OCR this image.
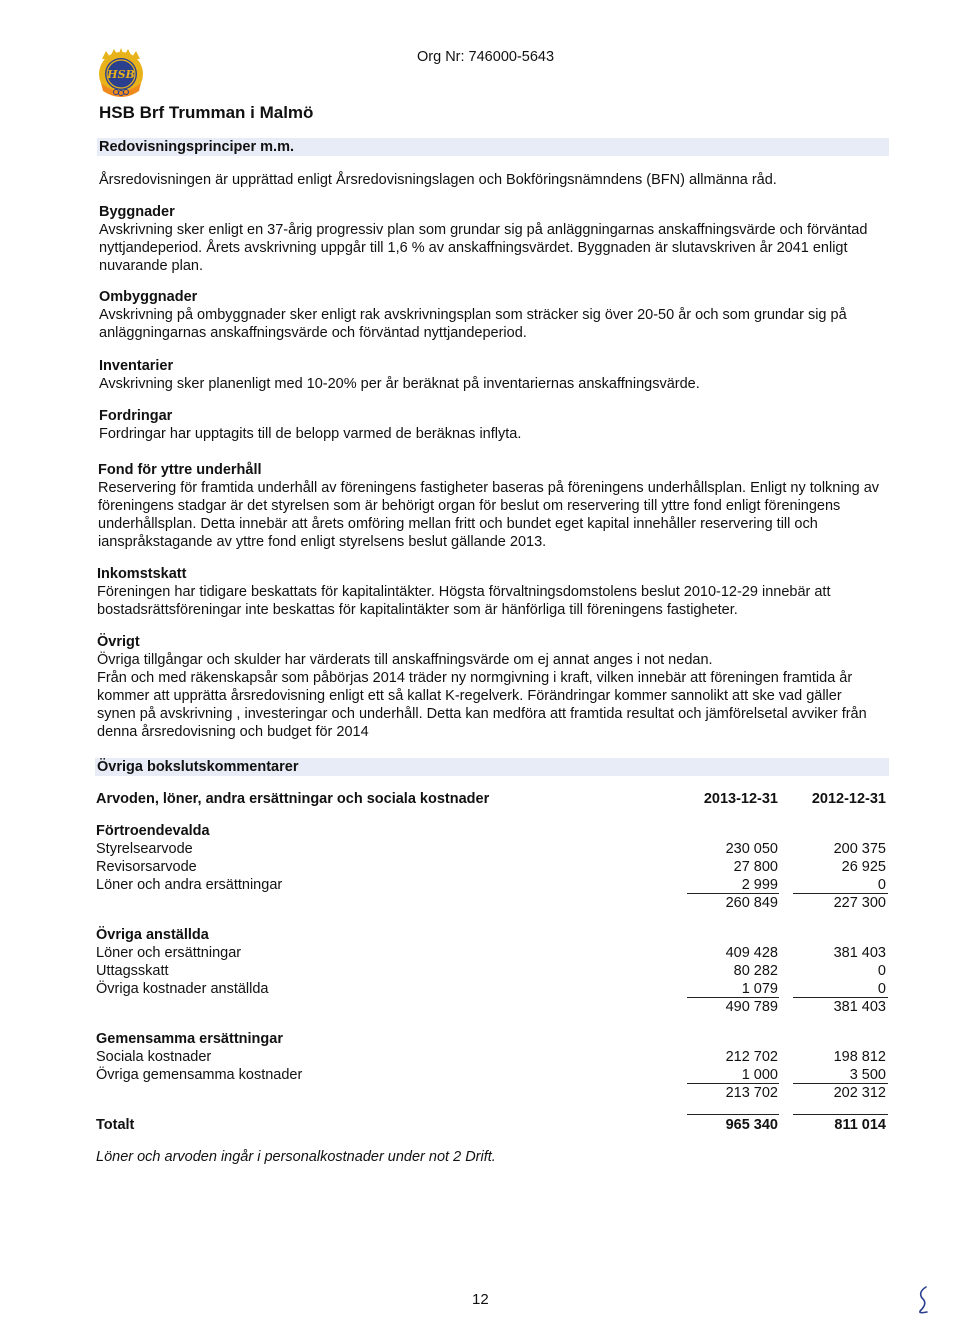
HSB
Org Nr: 746000-5643
HSB Brf Trumman i Malmö
Redovisningsprinciper m.m.
Årsredovisningen är upprättad enligt Årsredovisningslagen och Bokföringsnämndens (BFN) allmänna råd.
Byggnader
Avskrivning sker enligt en 37-årig progressiv plan som grundar sig på anläggningarnas anskaffningsvärde och förväntad
nyttjandeperiod. Årets avskrivning uppgår till 1,6 % av anskaffningsvärdet. Byggnaden är slutavskriven år 2041 enligt
nuvarande plan.
Ombyggnader
Avskrivning på ombyggnader sker enligt rak avskrivningsplan som sträcker sig över 20-50 år och som grundar sig på
anläggningarnas anskaffningsvärde och förväntad nyttjandeperiod.
Inventarier
Avskrivning sker planenligt med 10-20% per år beräknat på inventariernas anskaffningsvärde.
Fordringar
Fordringar har upptagits till de belopp varmed de beräknas inflyta.
Fond för yttre underhåll
Reservering för framtida underhåll av föreningens fastigheter baseras på föreningens underhållsplan. Enligt ny tolkning av
föreningens stadgar är det styrelsen som är behörigt organ för beslut om reservering till yttre fond enligt föreningens
underhållsplan. Detta innebär att årets omföring mellan fritt och bundet eget kapital innehåller reservering till och
ianspråkstagande av yttre fond enligt styrelsens beslut gällande 2013.
Inkomstskatt
Föreningen har tidigare beskattats för kapitalintäkter. Högsta förvaltningsdomstolens beslut 2010-12-29 innebär att
bostadsrättsföreningar inte beskattas för kapitalintäkter som är hänförliga till föreningens fastigheter.
Övrigt
Övriga tillgångar och skulder har värderats till anskaffningsvärde om ej annat anges i not nedan.
Från och med räkenskapsår som påbörjas 2014 träder ny normgivning i kraft, vilken innebär att föreningen framtida år
kommer att upprätta årsredovisning enligt ett så kallat K-regelverk. Förändringar kommer sannolikt att ske vad gäller
synen på avskrivning , investeringar och underhåll. Detta kan medföra att framtida resultat och jämförelsetal avviker från
denna årsredovisning och budget för 2014
Övriga bokslutskommentarer
Arvoden, löner, andra ersättningar och sociala kostnader	2013-12-31	2012-12-31
Förtroendevalda
Styrelsearvode	230 050	200 375
Revisorsarvode	27 800	26 925
Löner och andra ersättningar	2 999	0
260 849	227 300
Övriga anställda
Löner och ersättningar	409 428	381 403
Uttagsskatt	80 282	0
Övriga kostnader anställda	1 079	0
490 789	381 403
Gemensamma ersättningar
Sociala kostnader	212 702	198 812
Övriga gemensamma kostnader	1 000	3 500
213 702	202 312
Totalt	965 340	811 014
Löner och arvoden ingår i personalkostnader under not 2 Drift.
12
